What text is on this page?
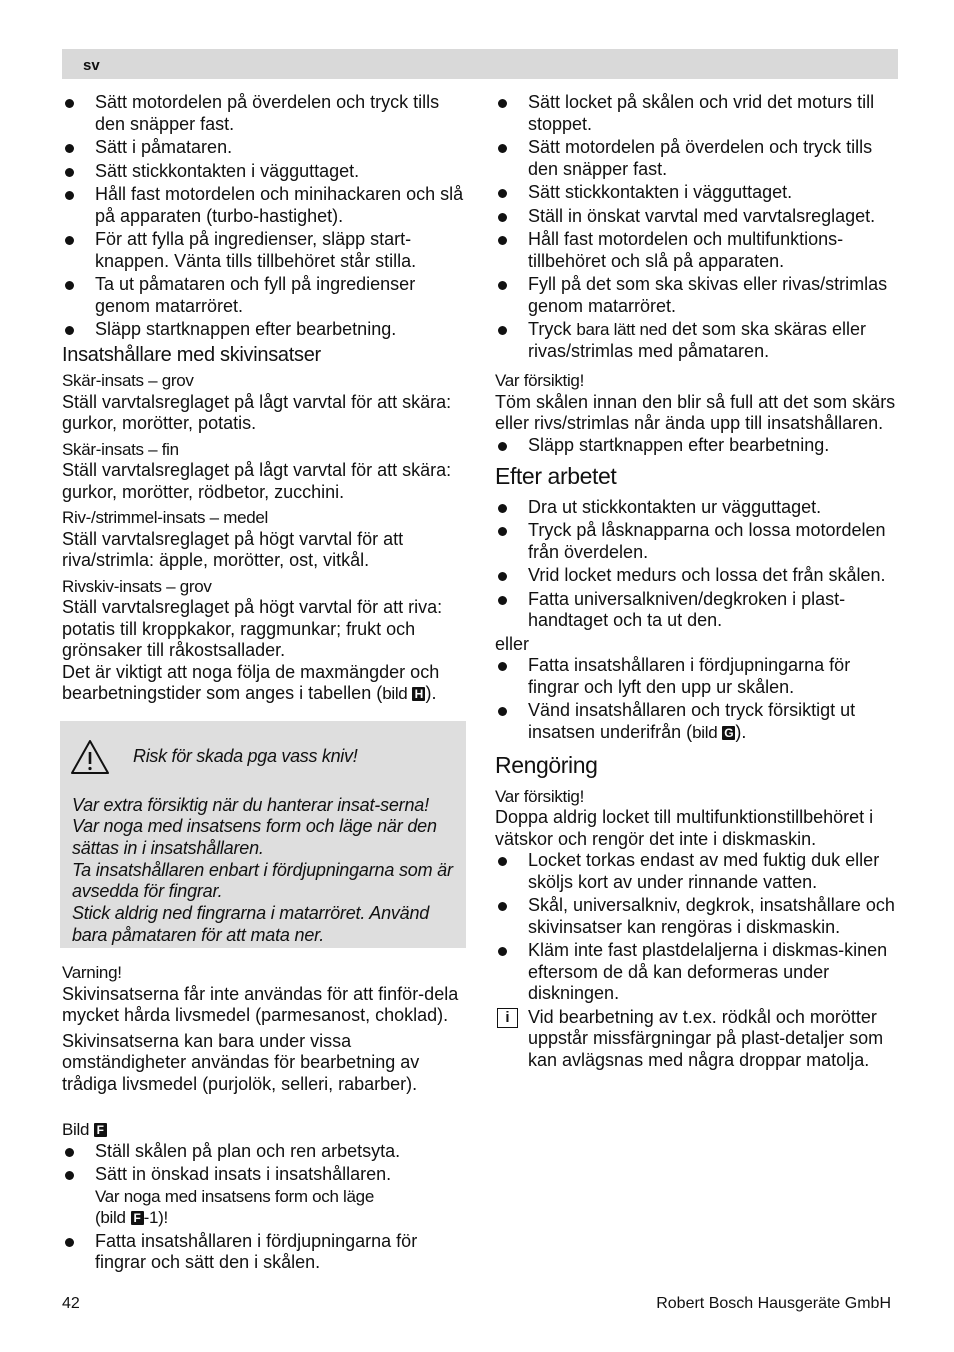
sv
Sätt motordelen på överdelen och tryck tills den snäpper fast.
Sätt i påmataren.
Sätt stickkontakten i vägguttaget.
Håll fast motordelen och minihackaren och slå på apparaten (turbo-hastighet).
För att fylla på ingredienser, släpp start-knappen. Vänta tills tillbehöret står stilla.
Ta ut påmataren och fyll på ingredienser genom matarröret.
Släpp startknappen efter bearbetning.
Insatshållare med skivinsatser
Skär-insats – grov

Ställ varvtalsreglaget på lågt varvtal för att skära: gurkor, morötter, potatis.

Skär-insats – fin

Ställ varvtalsreglaget på lågt varvtal för att skära: gurkor, morötter, rödbetor, zucchini.

Riv-/strimmel-insats – medel

Ställ varvtalsreglaget på högt varvtal för att riva/strimla: äpple, morötter, ost, vitkål.

Rivskiv-insats – grov

Ställ varvtalsreglaget på högt varvtal för att riva: potatis till kroppkakor, raggmunkar; frukt och grönsaker till råkostsallader.

Det är viktigt att noga följa de maxmängder och bearbetningstider som anges i tabellen (bild H ).

Risk för skada pga vass kniv!

Var extra försiktig när du hanterar insat-serna! Var noga med insatsens form och läge när den sättas in i insatshållaren.

Ta insatshållaren enbart i fördjupningarna som är avsedda för fingrar.

Stick aldrig ned fingrarna i matarröret. Använd bara påmataren för att mata ner.

Varning!

Skivinsatserna får inte användas för att finför-dela mycket hårda livsmedel (parmesanost, choklad).

Skivinsatserna kan bara under vissa omständigheter användas för bearbetning av trådiga livsmedel (purjolök, selleri, rabarber).

Bild F
Ställ skålen på plan och ren arbetsyta.
Sätt in önskad insats i insatshållaren.
Var noga med insatsens form och läge
(bild F -1)!
Fatta insatshållaren i fördjupningarna för fingrar och sätt den i skålen.
Sätt locket på skålen och vrid det moturs till stoppet.
Sätt motordelen på överdelen och tryck tills den snäpper fast.
Sätt stickkontakten i vägguttaget.
Ställ in önskat varvtal med varvtalsreglaget.
Håll fast motordelen och multifunktions-tillbehöret och slå på apparaten.
Fyll på det som ska skivas eller rivas/strimlas genom matarröret.
Tryck bara lätt ned det som ska skäras eller rivas/strimlas med påmataren.
Var försiktig!

Töm skålen innan den blir så full att det som skärs eller rivs/strimlas når ända upp till insatshållaren.

Släpp startknappen efter bearbetning.
Efter arbetet
Dra ut stickkontakten ur vägguttaget.
Tryck på låsknapparna och lossa motordelen från överdelen.
Vrid locket medurs och lossa det från skålen.
Fatta universalkniven/degkroken i plast-handtaget och ta ut den.

eller

Fatta insatshållaren i fördjupningarna för fingrar och lyft den upp ur skålen.
Vänd insatshållaren och tryck försiktigt ut insatsen underifrån (bild G ).
Rengöring
Var försiktig!

Doppa aldrig locket till multifunktionstillbehöret i vätskor och rengör det inte i diskmaskin.

Locket torkas endast av med fuktig duk eller sköljs kort av under rinnande vatten.
Skål, universalkniv, degkrok, insatshållare och skivinsatser kan rengöras i diskmaskin.
Kläm inte fast plastdelaljerna i diskmas-kinen eftersom de då kan deformeras under diskningen.
i	Vid bearbetning av t.ex. rödkål och morötter uppstår missfärgningar på plast-detaljer som kan avlägsnas med några droppar matolja.
42	Robert Bosch Hausgeräte GmbH
